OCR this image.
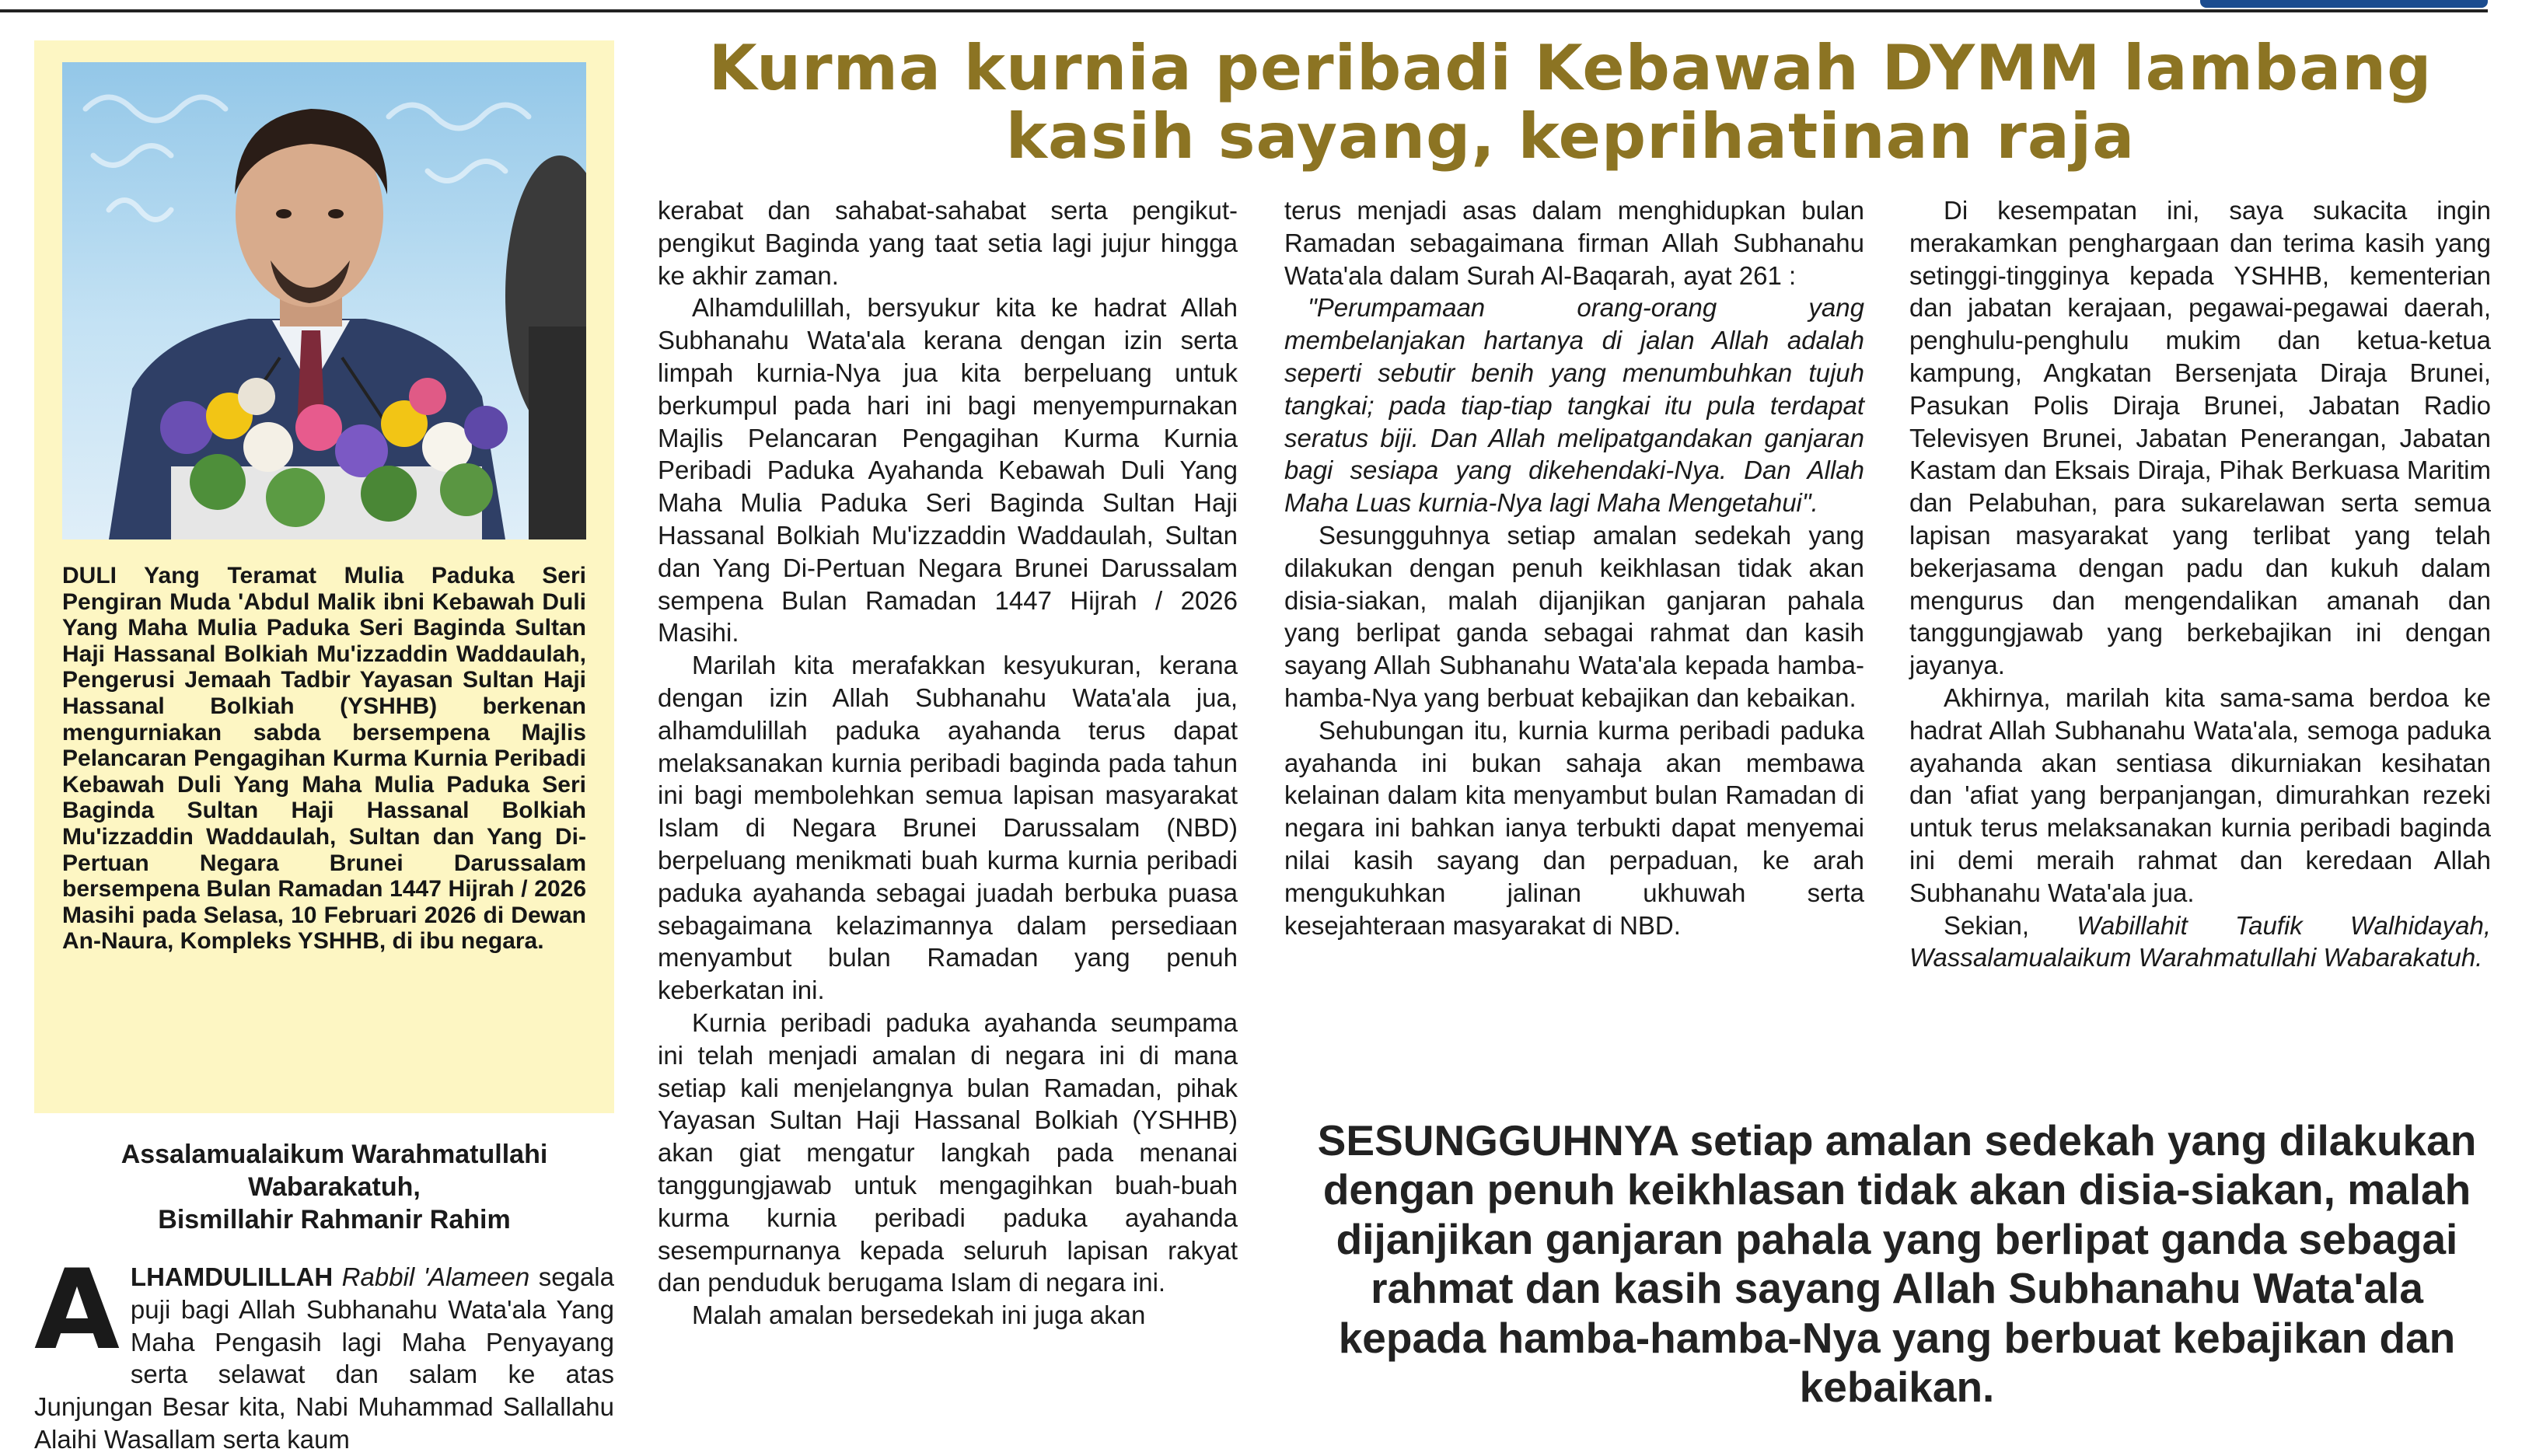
Kurma kurnia peribadi Kebawah DYMM lambang
kasih sayang, keprihatinan raja
DULI Yang Teramat Mulia Paduka Seri Pengiran Muda 'Abdul Malik ibni Kebawah Duli Yang Maha Mulia Paduka Seri Baginda Sultan Haji Hassanal Bolkiah Mu'izzaddin Waddaulah, Pengerusi Jemaah Tadbir Yayasan Sultan Haji Hassanal Bolkiah (YSHHB) berkenan mengurniakan sabda bersempena Majlis Pelancaran Pengagihan Kurma Kurnia Peribadi Kebawah Duli Yang Maha Mulia Paduka Seri Baginda Sultan Haji Hassanal Bolkiah Mu'izzaddin Waddaulah, Sultan dan Yang Di-Pertuan Negara Brunei Darussalam bersempena Bulan Ramadan 1447 Hijrah / 2026 Masihi pada Selasa, 10 Februari 2026 di Dewan An-Naura, Kompleks YSHHB, di ibu negara.
Assalamualaikum Warahmatullahi
Wabarakatuh,
Bismillahir Rahmanir Rahim

ALHAMDULILLAH Rabbil 'Alameen segala puji bagi Allah Subhanahu Wata'ala Yang Maha Pengasih lagi Maha Penyayang serta selawat dan salam ke atas Junjungan Besar kita, Nabi Muhammad Sallallahu Alaihi Wasallam serta kaum

kerabat dan sahabat-sahabat serta pengikut-pengikut Baginda yang taat setia lagi jujur hingga ke akhir zaman.

Alhamdulillah, bersyukur kita ke hadrat Allah Subhanahu Wata'ala kerana dengan izin serta limpah kurnia-Nya jua kita berpeluang untuk berkumpul pada hari ini bagi menyempurnakan Majlis Pelancaran Pengagihan Kurma Kurnia Peribadi Paduka Ayahanda Kebawah Duli Yang Maha Mulia Paduka Seri Baginda Sultan Haji Hassanal Bolkiah Mu'izzaddin Waddaulah, Sultan dan Yang Di-Pertuan Negara Brunei Darussalam sempena Bulan Ramadan 1447 Hijrah / 2026 Masihi.

Marilah kita merafakkan kesyukuran, kerana dengan izin Allah Subhanahu Wata'ala jua, alhamdulillah paduka ayahanda terus dapat melaksanakan kurnia peribadi baginda pada tahun ini bagi membolehkan semua lapisan masyarakat Islam di Negara Brunei Darussalam (NBD) berpeluang menikmati buah kurma kurnia peribadi paduka ayahanda sebagai juadah berbuka puasa sebagaimana kelazimannya dalam persediaan menyambut bulan Ramadan yang penuh keberkatan ini.

Kurnia peribadi paduka ayahanda seumpama ini telah menjadi amalan di negara ini di mana setiap kali menjelangnya bulan Ramadan, pihak Yayasan Sultan Haji Hassanal Bolkiah (YSHHB) akan giat mengatur langkah pada menanai tanggungjawab untuk mengagihkan buah-buah kurma kurnia peribadi paduka ayahanda sesempurnanya kepada seluruh lapisan rakyat dan penduduk berugama Islam di negara ini.

Malah amalan bersedekah ini juga akan

terus menjadi asas dalam menghidupkan bulan Ramadan sebagaimana firman Allah Subhanahu Wata'ala dalam Surah Al-Baqarah, ayat 261 :

"Perumpamaan orang-orang yang membelanjakan hartanya di jalan Allah adalah seperti sebutir benih yang menumbuhkan tujuh tangkai; pada tiap-tiap tangkai itu pula terdapat seratus biji. Dan Allah melipatgandakan ganjaran bagi sesiapa yang dikehendaki-Nya. Dan Allah Maha Luas kurnia-Nya lagi Maha Mengetahui".

Sesungguhnya setiap amalan sedekah yang dilakukan dengan penuh keikhlasan tidak akan disia-siakan, malah dijanjikan ganjaran pahala yang berlipat ganda sebagai rahmat dan kasih sayang Allah Subhanahu Wata'ala kepada hamba-hamba-Nya yang berbuat kebajikan dan kebaikan.

Sehubungan itu, kurnia kurma peribadi paduka ayahanda ini bukan sahaja akan membawa kelainan dalam kita menyambut bulan Ramadan di negara ini bahkan ianya terbukti dapat menyemai nilai kasih sayang dan perpaduan, ke arah mengukuhkan jalinan ukhuwah serta kesejahteraan masyarakat di NBD.

Di kesempatan ini, saya sukacita ingin merakamkan penghargaan dan terima kasih yang setinggi-tingginya kepada YSHHB, kementerian dan jabatan kerajaan, pegawai-pegawai daerah, penghulu-penghulu mukim dan ketua-ketua kampung, Angkatan Bersenjata Diraja Brunei, Pasukan Polis Diraja Brunei, Jabatan Radio Televisyen Brunei, Jabatan Penerangan, Jabatan Kastam dan Eksais Diraja, Pihak Berkuasa Maritim dan Pelabuhan, para sukarelawan serta semua lapisan masyarakat yang terlibat yang telah bekerjasama dengan padu dan kukuh dalam mengurus dan mengendalikan amanah dan tanggungjawab yang berkebajikan ini dengan jayanya.

Akhirnya, marilah kita sama-sama berdoa ke hadrat Allah Subhanahu Wata'ala, semoga paduka ayahanda akan sentiasa dikurniakan kesihatan dan 'afiat yang berpanjangan, dimurahkan rezeki untuk terus melaksanakan kurnia peribadi baginda ini demi meraih rahmat dan keredaan Allah Subhanahu Wata'ala jua.

Sekian, Wabillahit Taufik Walhidayah, Wassalamualaikum Warahmatullahi Wabarakatuh.

SESUNGGUHNYA setiap amalan sedekah yang dilakukan dengan penuh keikhlasan tidak akan disia-siakan, malah dijanjikan ganjaran pahala yang berlipat ganda sebagai rahmat dan kasih sayang Allah Subhanahu Wata'ala kepada hamba-hamba-Nya yang berbuat kebajikan dan kebaikan.
